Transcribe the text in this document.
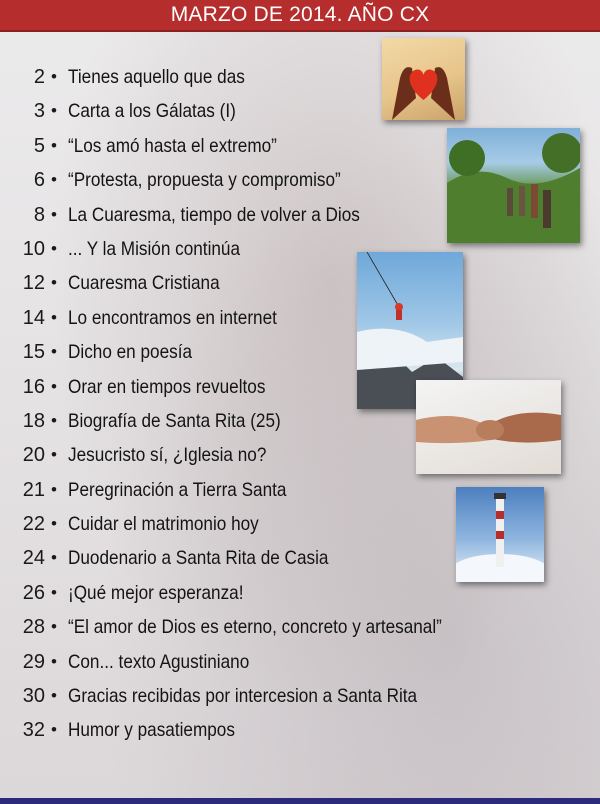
MARZO DE 2014. AÑO CX
2 • Tienes aquello que das
3 • Carta a los Gálatas (I)
5 • “Los amó hasta el extremo”
6 • “Protesta, propuesta y compromiso”
8 • La Cuaresma, tiempo de volver a Dios
10 • ... Y la Misión continúa
12 • Cuaresma Cristiana
14 • Lo encontramos en internet
15 • Dicho en poesía
16 • Orar en tiempos revueltos
18 • Biografía de Santa Rita (25)
20 • Jesucristo sí, ¿Iglesia no?
21 • Peregrinación a Tierra Santa
22 • Cuidar el matrimonio hoy
24 • Duodenario a Santa Rita de Casia
26 • ¡Qué mejor esperanza!
28 • “El amor de Dios es eterno, concreto y artesanal”
29 • Con... texto Agustiniano
30 • Gracias recibidas por intercesion a Santa Rita
32 • Humor y pasatiempos
